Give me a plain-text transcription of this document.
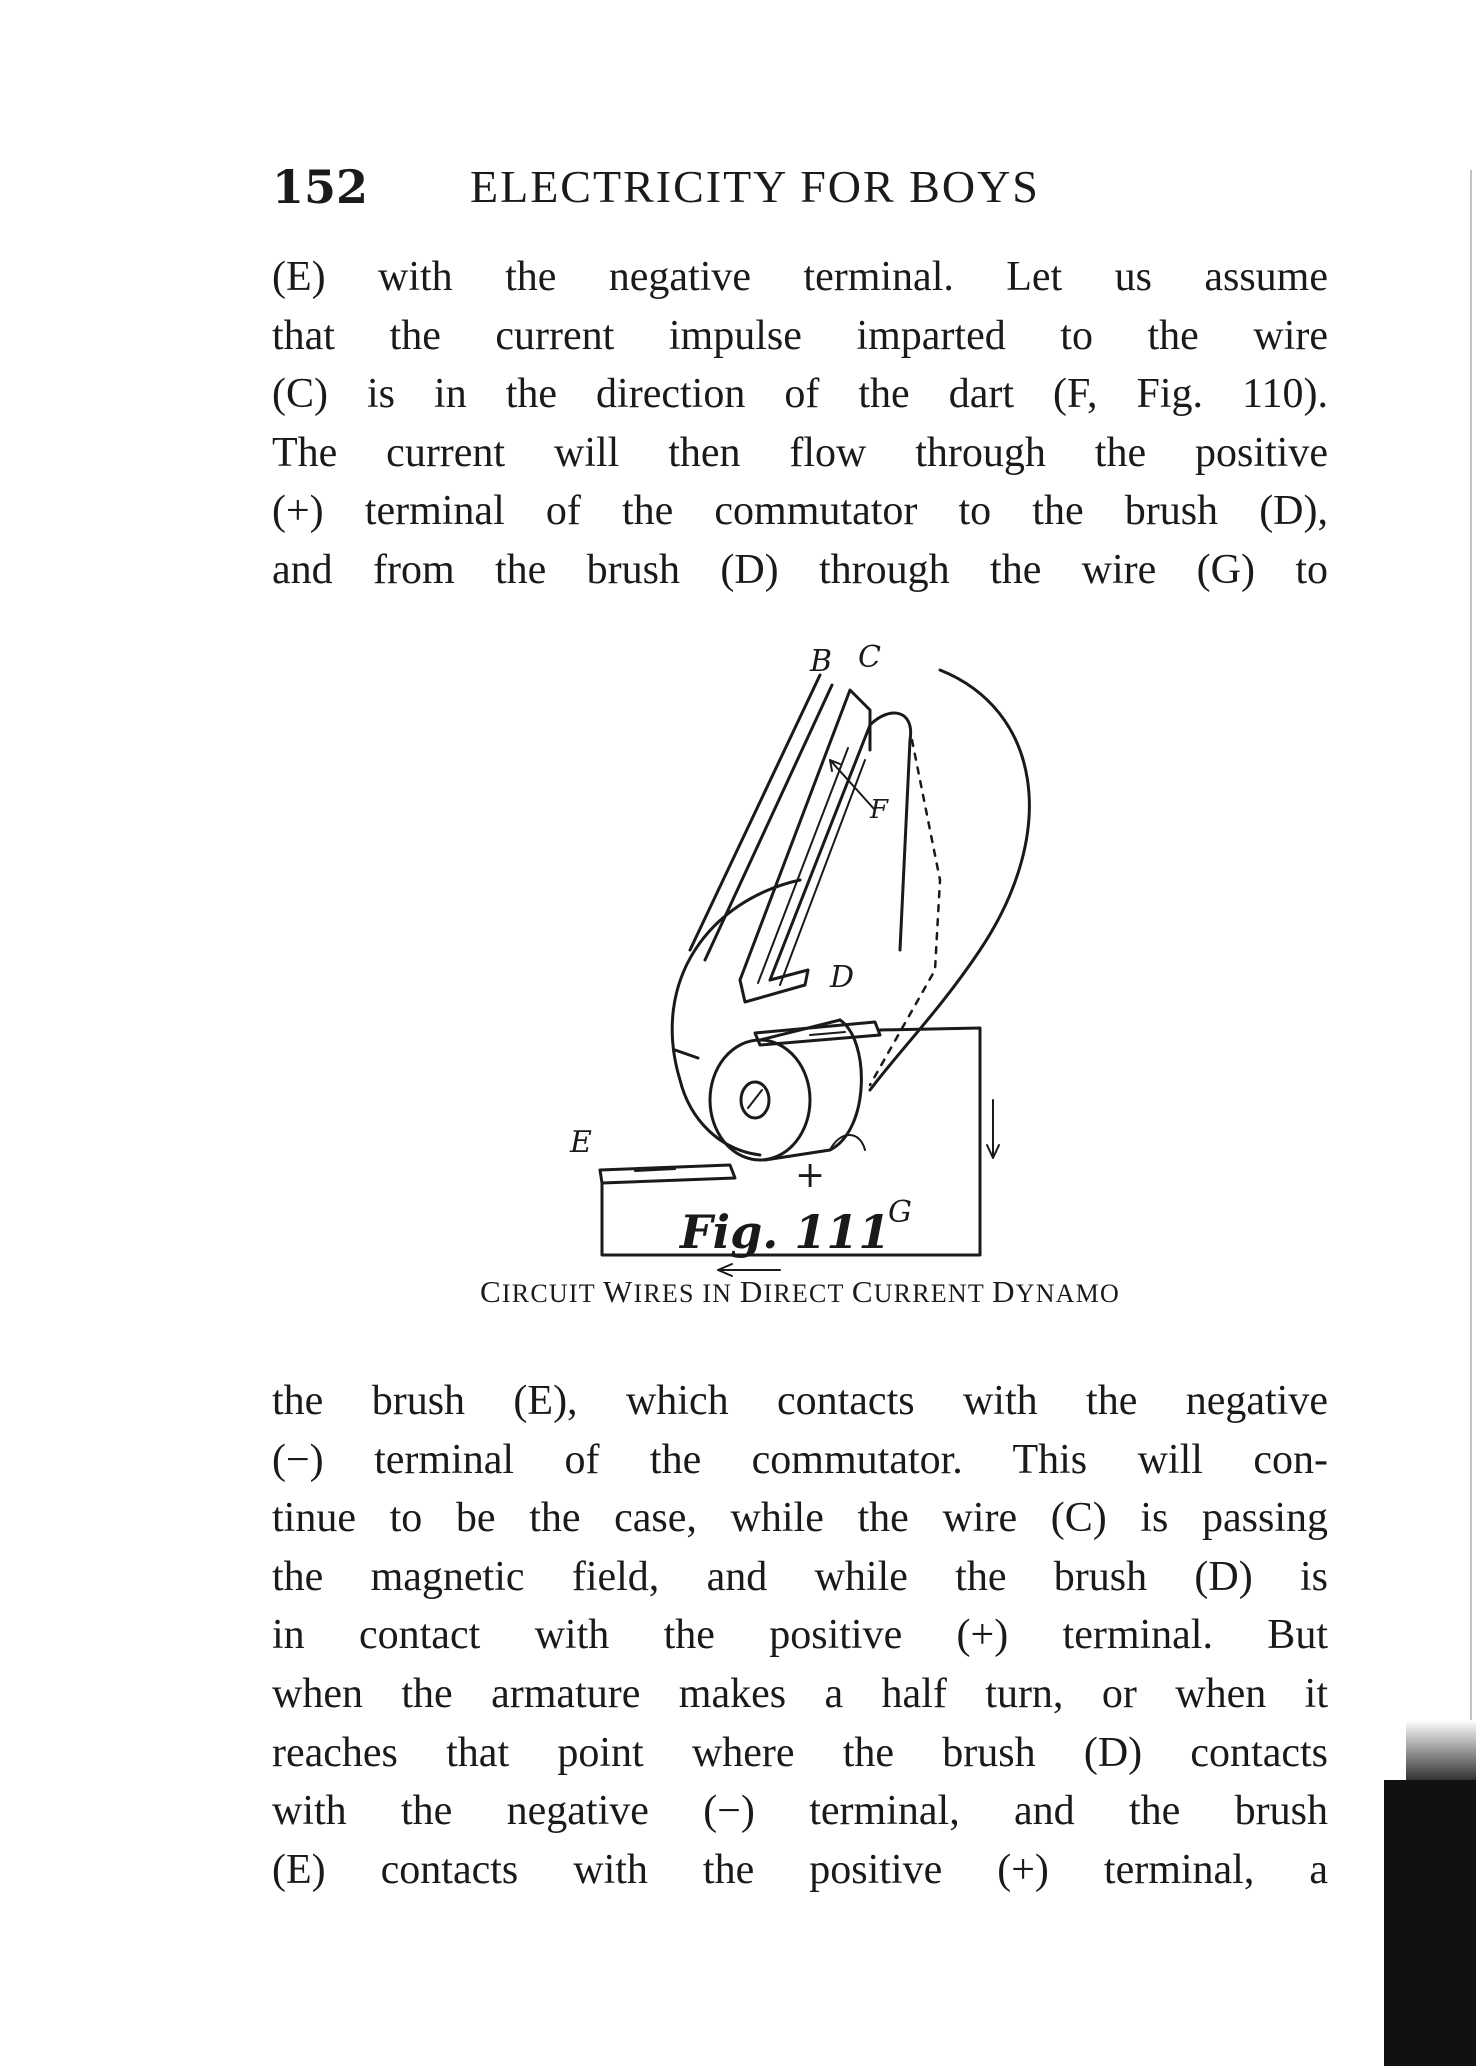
152 ELECTRICITY FOR BOYS

(E) with the negative terminal. Let us assume
that the current impulse imparted to the wire
(C) is in the direction of the dart (F, Fig. 110).
The current will then flow through the positive
(+) terminal of the commutator to the brush (D),
and from the brush (D) through the wire (G) to

B C
F
D
E
G
+
Fig. 111
CIRCUIT WIRES IN DIRECT CURRENT DYNAMO

the brush (E), which contacts with the negative
(−) terminal of the commutator. This will con-
tinue to be the case, while the wire (C) is passing
the magnetic field, and while the brush (D) is
in contact with the positive (+) terminal. But
when the armature makes a half turn, or when it
reaches that point where the brush (D) contacts
with the negative (−) terminal, and the brush
(E) contacts with the positive (+) terminal, a
